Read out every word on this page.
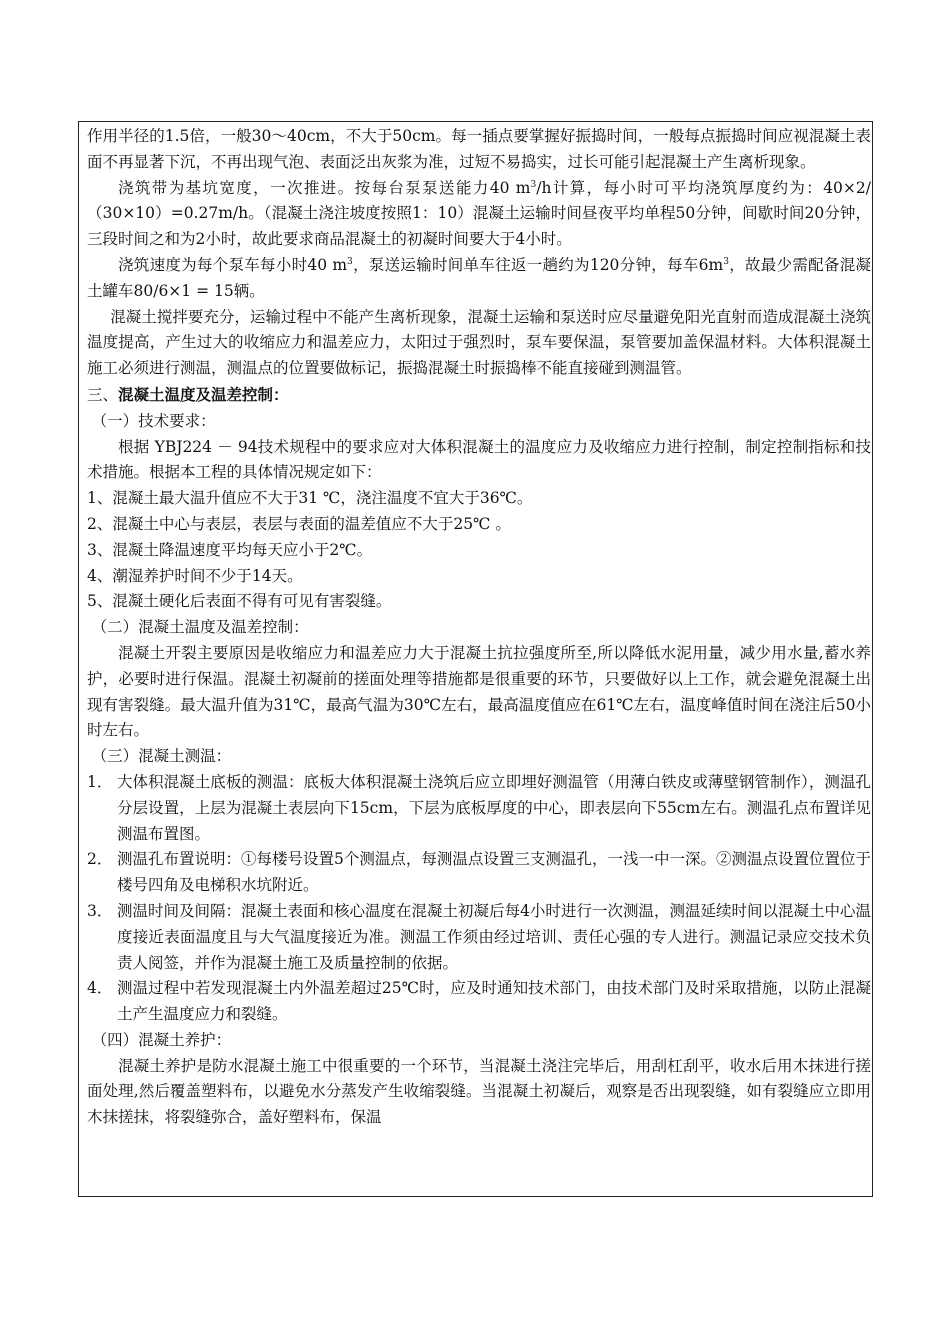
作用半径的1.5倍，一般30～40cm，不大于50cm。每一插点要掌握好振捣时间，一般每点振捣时间应视混凝土表面不再显著下沉，不再出现气泡、表面泛出灰浆为准，过短不易捣实，过长可能引起混凝土产生离析现象。

浇筑带为基坑宽度，一次推进。按每台泵泵送能力40 $m^3/h$计算，每小时可平均浇筑厚度约为：40×2/（30×10）=0.27m/h。（混凝土浇注坡度按照1：10）混凝土运输时间昼夜平均单程50分钟，间歇时间20分钟，三段时间之和为2小时，故此要求商品混凝土的初凝时间要大于4小时。

浇筑速度为每个泵车每小时40 $m^3$，泵送运输时间单车往返一趟约为120分钟，每车$6m^3$，故最少需配备混凝土罐车80/6×1 = 15辆。

混凝土搅拌要充分，运输过程中不能产生离析现象，混凝土运输和泵送时应尽量避免阳光直射而造成混凝土浇筑温度提高，产生过大的收缩应力和温差应力，太阳过于强烈时，泵车要保温，泵管要加盖保温材料。大体积混凝土施工必须进行测温，测温点的位置要做标记，振捣混凝土时振捣棒不能直接碰到测温管。

三、混凝土温度及温差控制：

（一）技术要求：

根据 YBJ224 － 94技术规程中的要求应对大体积混凝土的温度应力及收缩应力进行控制，制定控制指标和技术措施。根据本工程的具体情况规定如下：

1、混凝土最大温升值应不大于31 ℃，浇注温度不宜大于36℃。

2、混凝土中心与表层，表层与表面的温差值应不大于25℃ 。

3、混凝土降温速度平均每天应小于2℃。

4、潮湿养护时间不少于14天。

5、混凝土硬化后表面不得有可见有害裂缝。

（二）混凝土温度及温差控制：

混凝土开裂主要原因是收缩应力和温差应力大于混凝土抗拉强度所至,所以降低水泥用量，减少用水量,蓄水养护，必要时进行保温。混凝土初凝前的搓面处理等措施都是很重要的环节，只要做好以上工作，就会避免混凝土出现有害裂缝。最大温升值为31℃，最高气温为30℃左右，最高温度值应在61℃左右，温度峰值时间在浇注后50小时左右。

（三）混凝土测温：

1． 大体积混凝土底板的测温：底板大体积混凝土浇筑后应立即埋好测温管（用薄白铁皮或薄壁钢管制作），测温孔分层设置，上层为混凝土表层向下15cm，下层为底板厚度的中心，即表层向下55cm左右。测温孔点布置详见测温布置图。
2． 测温孔布置说明：①每楼号设置5个测温点，每测温点设置三支测温孔，一浅一中一深。②测温点设置位置位于楼号四角及电梯积水坑附近。
3． 测温时间及间隔：混凝土表面和核心温度在混凝土初凝后每4小时进行一次测温，测温延续时间以混凝土中心温度接近表面温度且与大气温度接近为准。测温工作须由经过培训、责任心强的专人进行。测温记录应交技术负责人阅签，并作为混凝土施工及质量控制的依据。
4． 测温过程中若发现混凝土内外温差超过25℃时，应及时通知技术部门，由技术部门及时采取措施，以防止混凝土产生温度应力和裂缝。

（四）混凝土养护：

混凝土养护是防水混凝土施工中很重要的一个环节，当混凝土浇注完毕后，用刮杠刮平，收水后用木抹进行搓面处理,然后覆盖塑料布，以避免水分蒸发产生收缩裂缝。当混凝土初凝后，观察是否出现裂缝，如有裂缝应立即用木抹搓抹，将裂缝弥合，盖好塑料布，保温
